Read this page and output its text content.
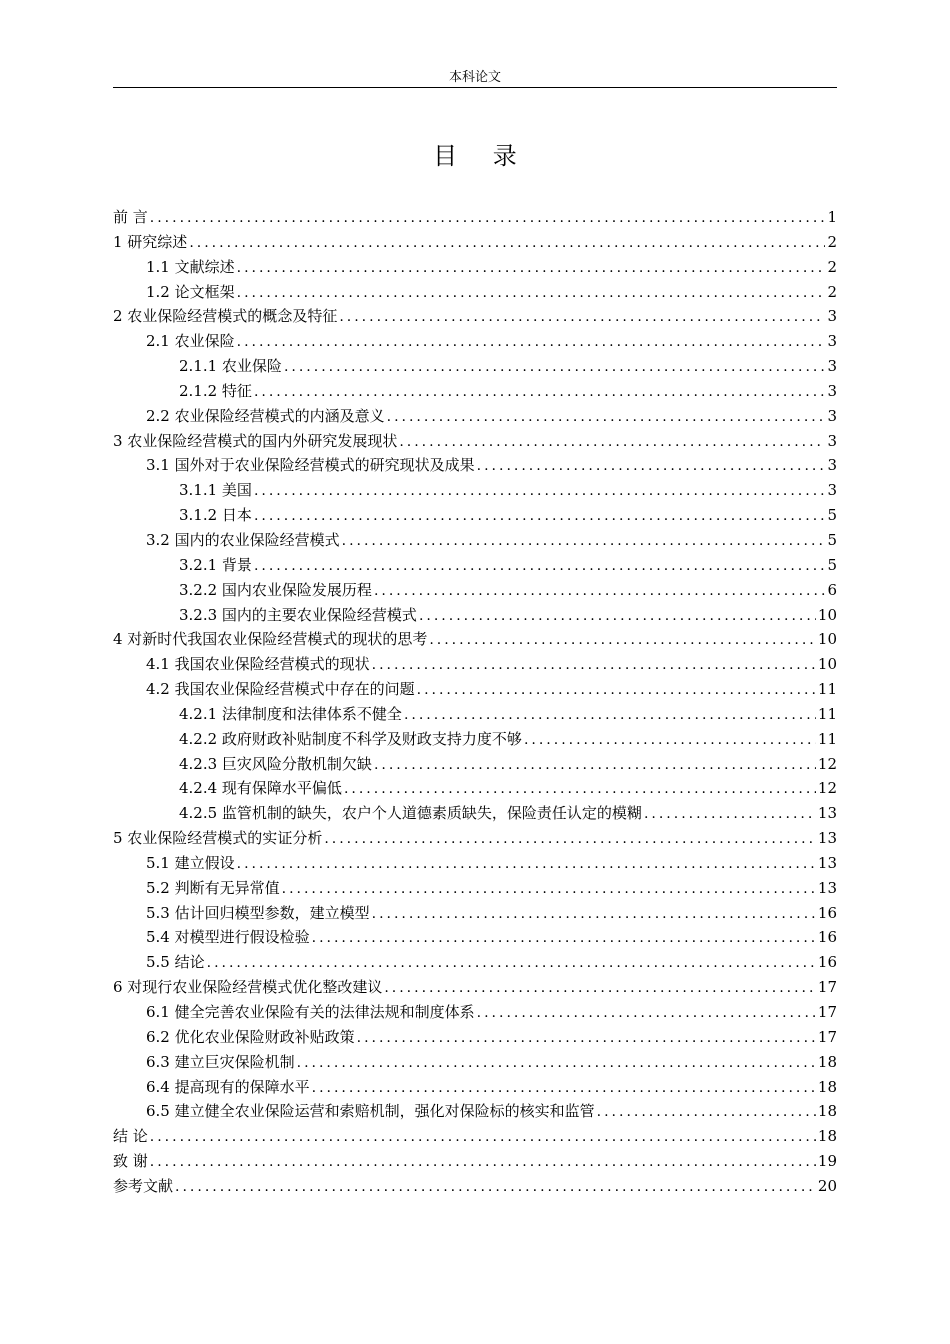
本科论文
目 录
前 言 .....	1
1 研究综述 .....	2
1.1 文献综述 .....	2
1.2 论文框架 .....	2
2 农业保险经营模式的概念及特征 .....	3
2.1 农业保险 .....	3
2.1.1 农业保险 .....	3
2.1.2 特征 .....	3
2.2 农业保险经营模式的内涵及意义 .....	3
3 农业保险经营模式的国内外研究发展现状 .....	3
3.1 国外对于农业保险经营模式的研究现状及成果 .....	3
3.1.1 美国 .....	3
3.1.2 日本 .....	5
3.2 国内的农业保险经营模式 .....	5
3.2.1 背景 .....	5
3.2.2 国内农业保险发展历程 .....	6
3.2.3 国内的主要农业保险经营模式 .....	10
4 对新时代我国农业保险经营模式的现状的思考 .....	10
4.1 我国农业保险经营模式的现状 .....	10
4.2 我国农业保险经营模式中存在的问题 .....	11
4.2.1 法律制度和法律体系不健全 .....	11
4.2.2 政府财政补贴制度不科学及财政支持力度不够 .....	11
4.2.3 巨灾风险分散机制欠缺 .....	12
4.2.4 现有保障水平偏低 .....	12
4.2.5 监管机制的缺失，农户个人道德素质缺失，保险责任认定的模糊 .....	13
5 农业保险经营模式的实证分析 .....	13
5.1 建立假设 .....	13
5.2 判断有无异常值 .....	13
5.3 估计回归模型参数，建立模型 .....	16
5.4 对模型进行假设检验 .....	16
5.5 结论 .....	16
6 对现行农业保险经营模式优化整改建议 .....	17
6.1 健全完善农业保险有关的法律法规和制度体系 .....	17
6.2 优化农业保险财政补贴政策 .....	17
6.3 建立巨灾保险机制 .....	18
6.4 提高现有的保障水平 .....	18
6.5 建立健全农业保险运营和索赔机制，强化对保险标的核实和监管 .....	18
结 论 .....	18
致 谢 .....	19
参考文献 .....	20
